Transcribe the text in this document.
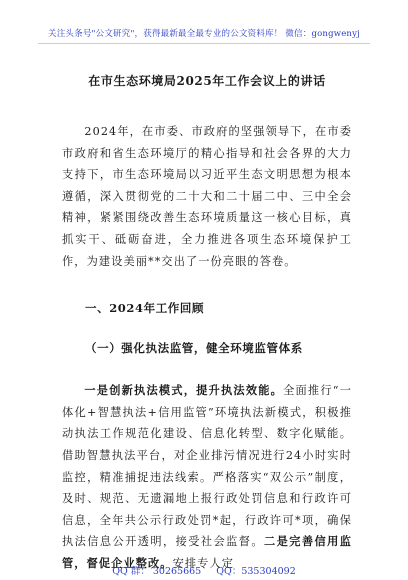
关注头条号"公文研究"，获得最新最全最专业的公文资料库！ 微信：gongwenyj
在市生态环境局2025年工作会议上的讲话

2024年，在市委、市政府的坚强领导下，在市委市政府和省生态环境厅的精心指导和社会各界的大力支持下，市生态环境局以习近平生态文明思想为根本遵循，深入贯彻党的二十大和二十届二中、三中全会精神，紧紧围绕改善生态环境质量这一核心目标，真抓实干、砥砺奋进，全力推进各项生态环境保护工作，为建设美丽**交出了一份亮眼的答卷。

一、2024年工作回顾
（一）强化执法监管，健全环境监管体系

一是创新执法模式，提升执法效能。全面推行“一体化+智慧执法+信用监管”环境执法新模式，积极推动执法工作规范化建设、信息化转型、数字化赋能。借助智慧执法平台，对企业排污情况进行24小时实时监控，精准捕捉违法线索。严格落实“双公示”制度，及时、规范、无遗漏地上报行政处罚信息和行政许可信息，全年共公示行政处罚*起，行政许可*项，确保执法信息公开透明，接受社会监督。二是完善信用监管，督促企业整改。安排专人定

QQ 群： 30265665 QQ：535304092
